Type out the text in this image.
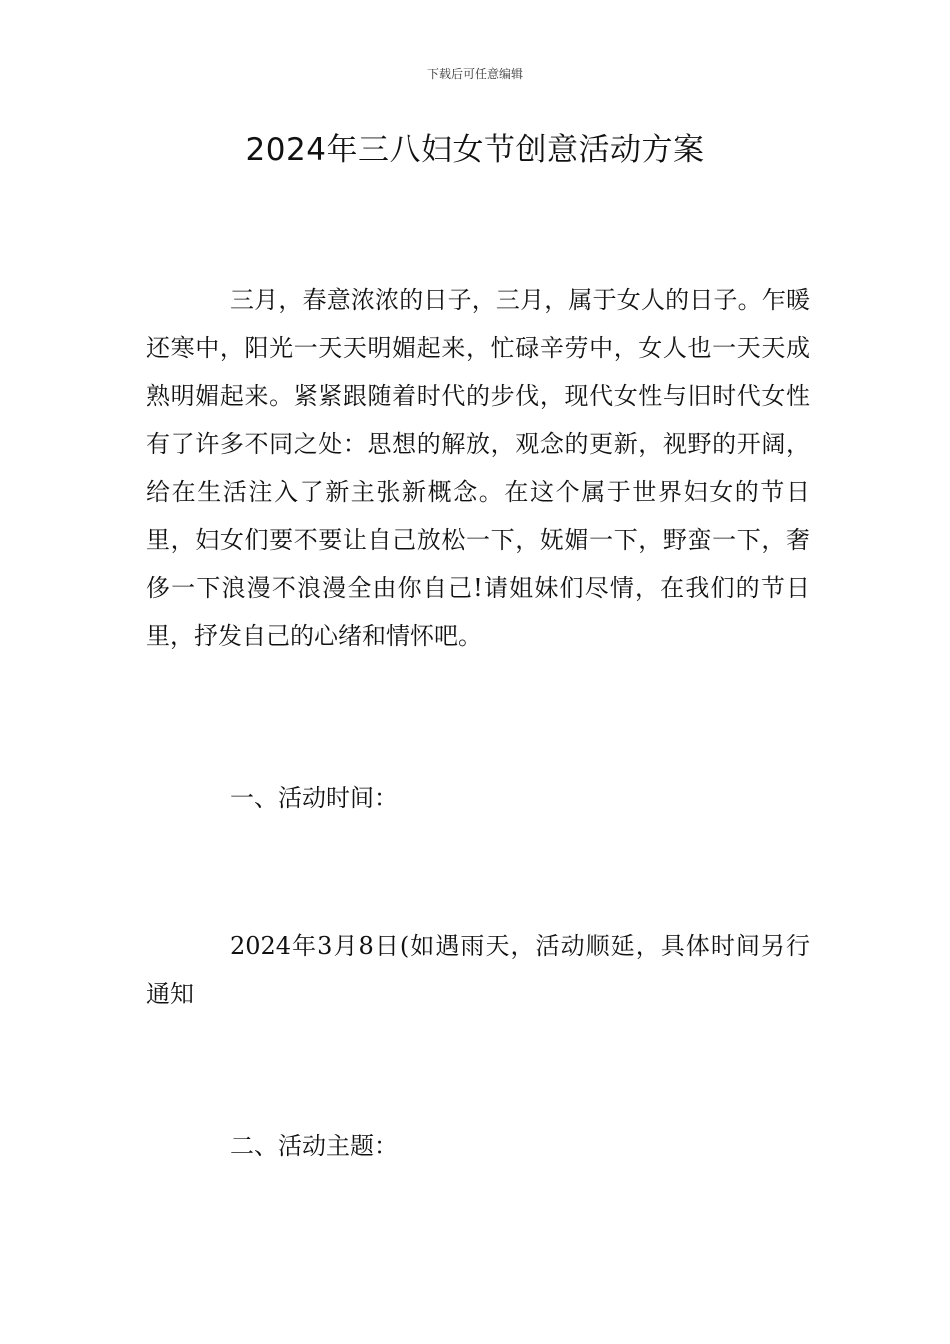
下载后可任意编辑
2024年三八妇女节创意活动方案

三月，春意浓浓的日子，三月，属于女人的日子。乍暖还寒中，阳光一天天明媚起来，忙碌辛劳中，女人也一天天成熟明媚起来。紧紧跟随着时代的步伐，现代女性与旧时代女性有了许多不同之处：思想的解放，观念的更新，视野的开阔，给在生活注入了新主张新概念。在这个属于世界妇女的节日里，妇女们要不要让自己放松一下，妩媚一下，野蛮一下，奢侈一下浪漫不浪漫全由你自己!请姐妹们尽情，在我们的节日里，抒发自己的心绪和情怀吧。

一、活动时间：

2024年3月8日(如遇雨天，活动顺延，具体时间另行通知

二、活动主题：
